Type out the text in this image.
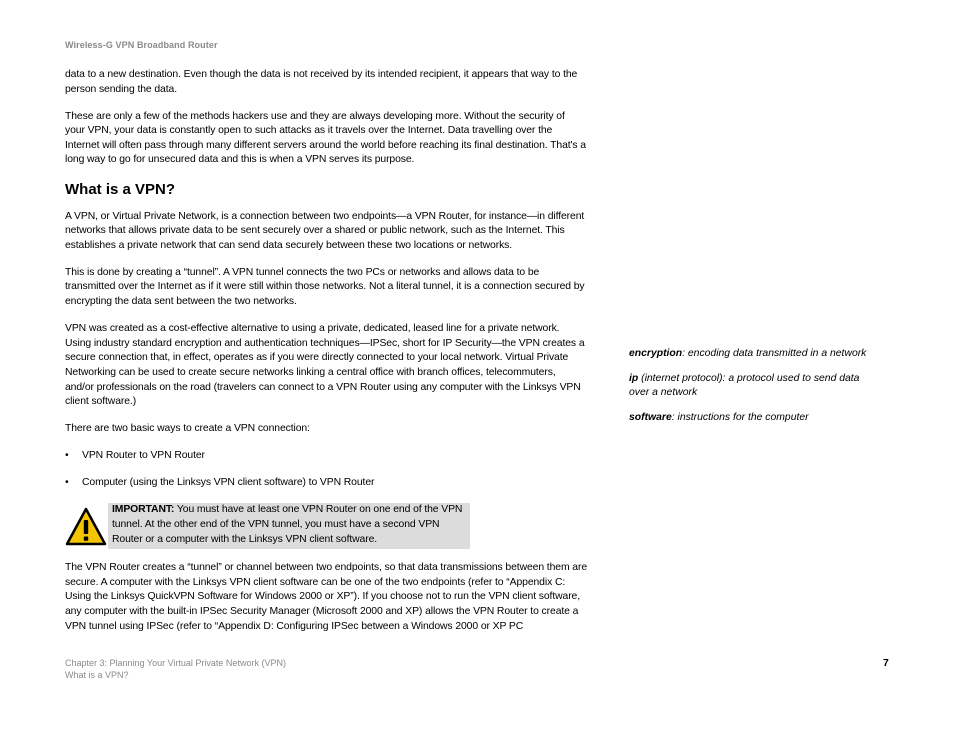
Wireless-G VPN Broadband Router

data to a new destination. Even though the data is not received by its intended recipient, it appears that way to the person sending the data.

These are only a few of the methods hackers use and they are always developing more. Without the security of your VPN, your data is constantly open to such attacks as it travels over the Internet. Data travelling over the Internet will often pass through many different servers around the world before reaching its final destination. That's a long way to go for unsecured data and this is when a VPN serves its purpose.

What is a VPN?

A VPN, or Virtual Private Network, is a connection between two endpoints—a VPN Router, for instance—in different networks that allows private data to be sent securely over a shared or public network, such as the Internet. This establishes a private network that can send data securely between these two locations or networks.

This is done by creating a “tunnel”. A VPN tunnel connects the two PCs or networks and allows data to be transmitted over the Internet as if it were still within those networks. Not a literal tunnel, it is a connection secured by encrypting the data sent between the two networks.

VPN was created as a cost-effective alternative to using a private, dedicated, leased line for a private network. Using industry standard encryption and authentication techniques—IPSec, short for IP Security—the VPN creates a secure connection that, in effect, operates as if you were directly connected to your local network. Virtual Private Networking can be used to create secure networks linking a central office with branch offices, telecommuters, and/or professionals on the road (travelers can connect to a VPN Router using any computer with the Linksys VPN client software.)

There are two basic ways to create a VPN connection:

• VPN Router to VPN Router
• Computer (using the Linksys VPN client software) to VPN Router
IMPORTANT: You must have at least one VPN Router on one end of the VPN tunnel. At the other end of the VPN tunnel, you must have a second VPN Router or a computer with the Linksys VPN client software.

The VPN Router creates a “tunnel” or channel between two endpoints, so that data transmissions between them are secure. A computer with the Linksys VPN client software can be one of the two endpoints (refer to “Appendix C: Using the Linksys QuickVPN Software for Windows 2000 or XP”). If you choose not to run the VPN client software, any computer with the built-in IPSec Security Manager (Microsoft 2000 and XP) allows the VPN Router to create a VPN tunnel using IPSec (refer to “Appendix D: Configuring IPSec between a Windows 2000 or XP PC

encryption: encoding data transmitted in a network

ip (internet protocol): a protocol used to send data over a network

software: instructions for the computer

Chapter 3: Planning Your Virtual Private Network (VPN)
What is a VPN?
7
